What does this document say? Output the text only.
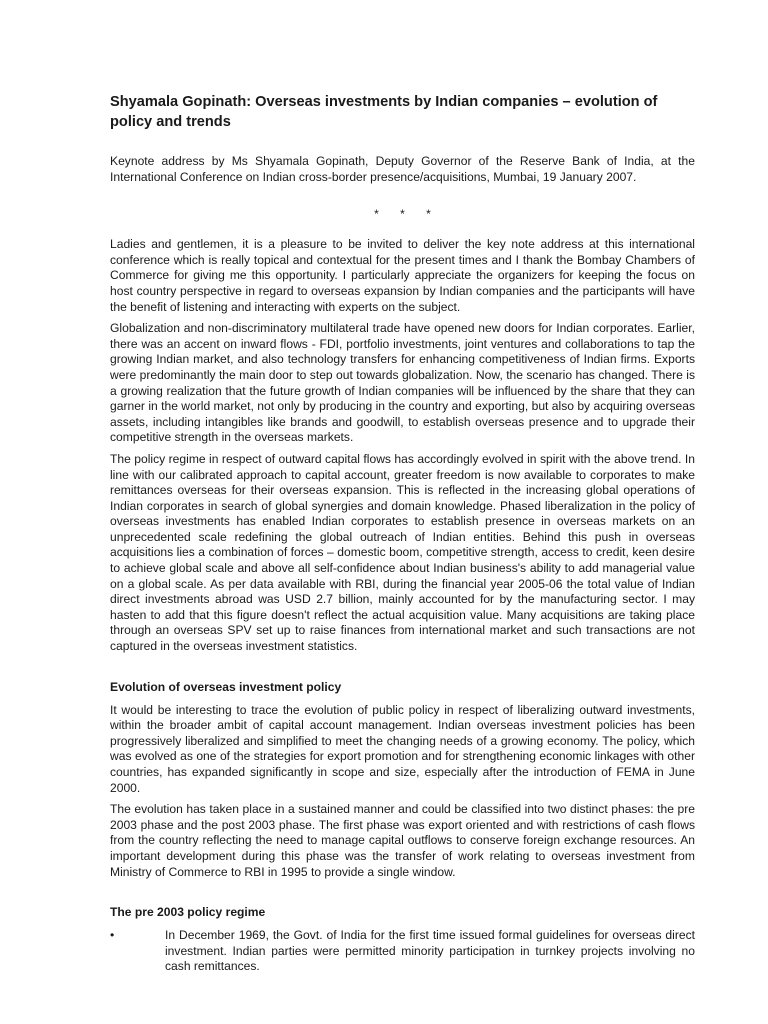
Shyamala Gopinath: Overseas investments by Indian companies – evolution of policy and trends

Keynote address by Ms Shyamala Gopinath, Deputy Governor of the Reserve Bank of India, at the International Conference on Indian cross-border presence/acquisitions, Mumbai, 19 January 2007.

* * *

Ladies and gentlemen, it is a pleasure to be invited to deliver the key note address at this international conference which is really topical and contextual for the present times and I thank the Bombay Chambers of Commerce for giving me this opportunity. I particularly appreciate the organizers for keeping the focus on host country perspective in regard to overseas expansion by Indian companies and the participants will have the benefit of listening and interacting with experts on the subject.

Globalization and non-discriminatory multilateral trade have opened new doors for Indian corporates. Earlier, there was an accent on inward flows - FDI, portfolio investments, joint ventures and collaborations to tap the growing Indian market, and also technology transfers for enhancing competitiveness of Indian firms. Exports were predominantly the main door to step out towards globalization. Now, the scenario has changed. There is a growing realization that the future growth of Indian companies will be influenced by the share that they can garner in the world market, not only by producing in the country and exporting, but also by acquiring overseas assets, including intangibles like brands and goodwill, to establish overseas presence and to upgrade their competitive strength in the overseas markets.

The policy regime in respect of outward capital flows has accordingly evolved in spirit with the above trend. In line with our calibrated approach to capital account, greater freedom is now available to corporates to make remittances overseas for their overseas expansion. This is reflected in the increasing global operations of Indian corporates in search of global synergies and domain knowledge. Phased liberalization in the policy of overseas investments has enabled Indian corporates to establish presence in overseas markets on an unprecedented scale redefining the global outreach of Indian entities. Behind this push in overseas acquisitions lies a combination of forces – domestic boom, competitive strength, access to credit, keen desire to achieve global scale and above all self-confidence about Indian business's ability to add managerial value on a global scale. As per data available with RBI, during the financial year 2005-06 the total value of Indian direct investments abroad was USD 2.7 billion, mainly accounted for by the manufacturing sector. I may hasten to add that this figure doesn't reflect the actual acquisition value. Many acquisitions are taking place through an overseas SPV set up to raise finances from international market and such transactions are not captured in the overseas investment statistics.

Evolution of overseas investment policy

It would be interesting to trace the evolution of public policy in respect of liberalizing outward investments, within the broader ambit of capital account management. Indian overseas investment policies has been progressively liberalized and simplified to meet the changing needs of a growing economy. The policy, which was evolved as one of the strategies for export promotion and for strengthening economic linkages with other countries, has expanded significantly in scope and size, especially after the introduction of FEMA in June 2000.

The evolution has taken place in a sustained manner and could be classified into two distinct phases: the pre 2003 phase and the post 2003 phase. The first phase was export oriented and with restrictions of cash flows from the country reflecting the need to manage capital outflows to conserve foreign exchange resources. An important development during this phase was the transfer of work relating to overseas investment from Ministry of Commerce to RBI in 1995 to provide a single window.

The pre 2003 policy regime
•	In December 1969, the Govt. of India for the first time issued formal guidelines for overseas direct investment. Indian parties were permitted minority participation in turnkey projects involving no cash remittances.
